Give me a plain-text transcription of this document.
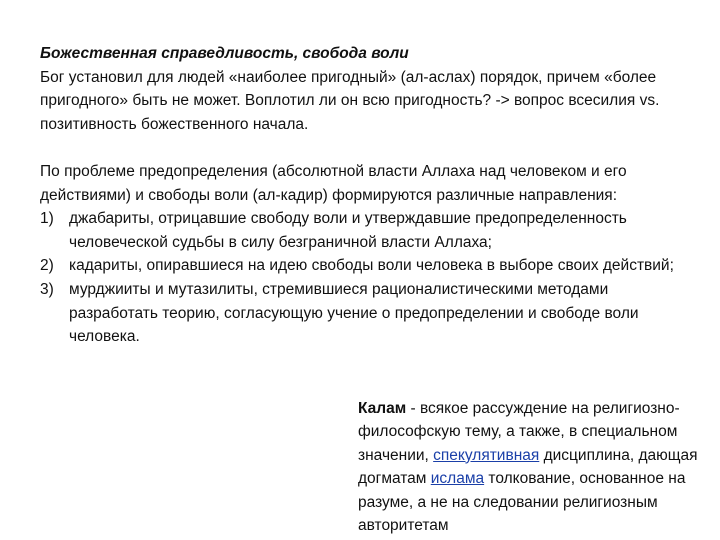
Божественная справедливость, свобода воли

Бог установил для людей «наиболее пригодный» (ал-аслах) порядок, причем «более пригодного» быть не может. Воплотил ли он всю пригодность? -> вопрос всесилия vs. позитивность божественного начала.

По проблеме предопределения (абсолютной власти Аллаха над человеком и его действиями) и свободы воли (ал-кадир) формируются различные направления:

1) джабариты, отрицавшие свободу воли и утверждавшие предопределенность человеческой судьбы в силу безграничной власти Аллаха;
2) кадариты, опиравшиеся на идею свободы воли человека в выборе своих действий;
3) мурджииты и мутазилиты, стремившиеся рационалистическими методами разработать теорию, согласующую учение о предопределении и свободе воли человека.
Калам - всякое рассуждение на религиозно-философскую тему, а также, в специальном значении, спекулятивная дисциплина, дающая догматам ислама толкование, основанное на разуме, а не на следовании религиозным авторитетам
